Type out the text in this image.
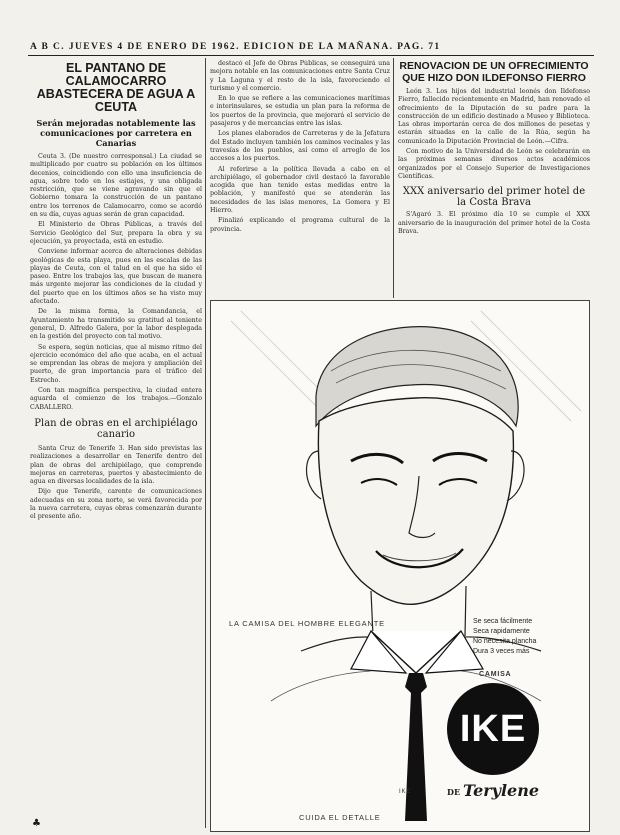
A B C. JUEVES 4 DE ENERO DE 1962. EDICION DE LA MAÑANA. PAG. 71
EL PANTANO DE CALAMOCARRO ABASTECERA DE AGUA A CEUTA
Serán mejoradas notablemente las comunicaciones por carretera en Canarias

Ceuta 3. (De nuestro corresponsal.) La ciudad se multiplicado por cuatro su población en los últimos decenios, coincidiendo con ello una insuficiencia de agua, sobre todo en los estiajes, y una obligada restricción, que se viene agravando sin que el Gobierno tomara la construcción de un pantano entre los terrenos de Calamocarro, como se acordó en su día, cuyas aguas serán de gran capacidad.

El Ministerio de Obras Públicas, a través del Servicio Geológico del Sur, prepara la obra y su ejecución, ya proyectada, está en estudio.

Conviene informar acerca de alteraciones debidas geológicas de esta playa, pues en las escalas de las playas de Ceuta, con el talud en el que ha sido el paseo. Entre los trabajos las, que buscan de manera más urgente mejorar las condiciones de la ciudad y del puerto que en los últimos años se ha visto muy afectado.

De la misma forma, la Comandancia, el Ayuntamiento ha transmitido su gratitud al teniente general, D. Alfredo Galera, por la labor desplegada en la gestión del proyecto con tal motivo.

Se espera, según noticias, que al mismo ritmo del ejercicio económico del año que acaba, en el actual se emprendan las obras de mejora y ampliación del puerto, de gran importancia para el tráfico del Estrecho.

Con tan magnífica perspectiva, la ciudad entera aguarda el comienzo de los trabajos.—Gonzalo CABALLERO.

Plan de obras en el archipiélago canario

Santa Cruz de Tenerife 3. Han sido previstas las realizaciones a desarrollar en Tenerife dentro del plan de obras del archipiélago, que comprende mejoras en carreteras, puertos y abastecimiento de agua en diversas localidades de la isla.

Dijo que Tenerife, carente de comunicaciones adecuadas en su zona norte, se verá favorecida por la nueva carretera, cuyas obras comenzarán durante el presente año.

destacó el Jefe de Obras Públicas, se conseguirá una mejora notable en las comunicaciones entre Santa Cruz y La Laguna y el resto de la isla, favoreciendo el turismo y el comercio.

En lo que se refiere a las comunicaciones marítimas e interinsulares, se estudia un plan para la reforma de los puertos de la provincia, que mejorará el servicio de pasajeros y de mercancías entre las islas.

Los planes elaborados de Carreteras y de la Jefatura del Estado incluyen también los caminos vecinales y las travesías de los pueblos, así como el arreglo de los accesos a los puertos.

Al referirse a la política llevada a cabo en el archipiélago, el gobernador civil destacó la favorable acogida que han tenido estas medidas entre la población, y manifestó que se atenderán las necesidades de las islas menores, La Gomera y El Hierro.

Finalizó explicando el programa cultural de la provincia.

RENOVACION DE UN OFRECIMIENTO QUE HIZO DON ILDEFONSO FIERRO

León 3. Los hijos del industrial leonés don Ildefonso Fierro, fallecido recientemente en Madrid, han renovado el ofrecimiento de la Diputación de su padre para la construcción de un edificio destinado a Museo y Biblioteca. Las obras importarán cerca de dos millones de pesetas y estarán situadas en la calle de la Rúa, según ha comunicado la Diputación Provincial de León.—Cifra.

Con motivo de la Universidad de León se celebrarán en las próximas semanas diversos actos académicos organizados por el Consejo Superior de Investigaciones Científicas.

XXX aniversario del primer hotel de la Costa Brava

S'Agaró 3. El próximo día 10 se cumple el XXX aniversario de la inauguración del primer hotel de la Costa Brava.

LA CAMISA DEL HOMBRE ELEGANTE
CUIDA EL DETALLE
IKE
Se seca fácilmente
Seca rapidamente
No necesita plancha
Dura 3 veces más
CAMISA
IKE
DE Terylene
♣
